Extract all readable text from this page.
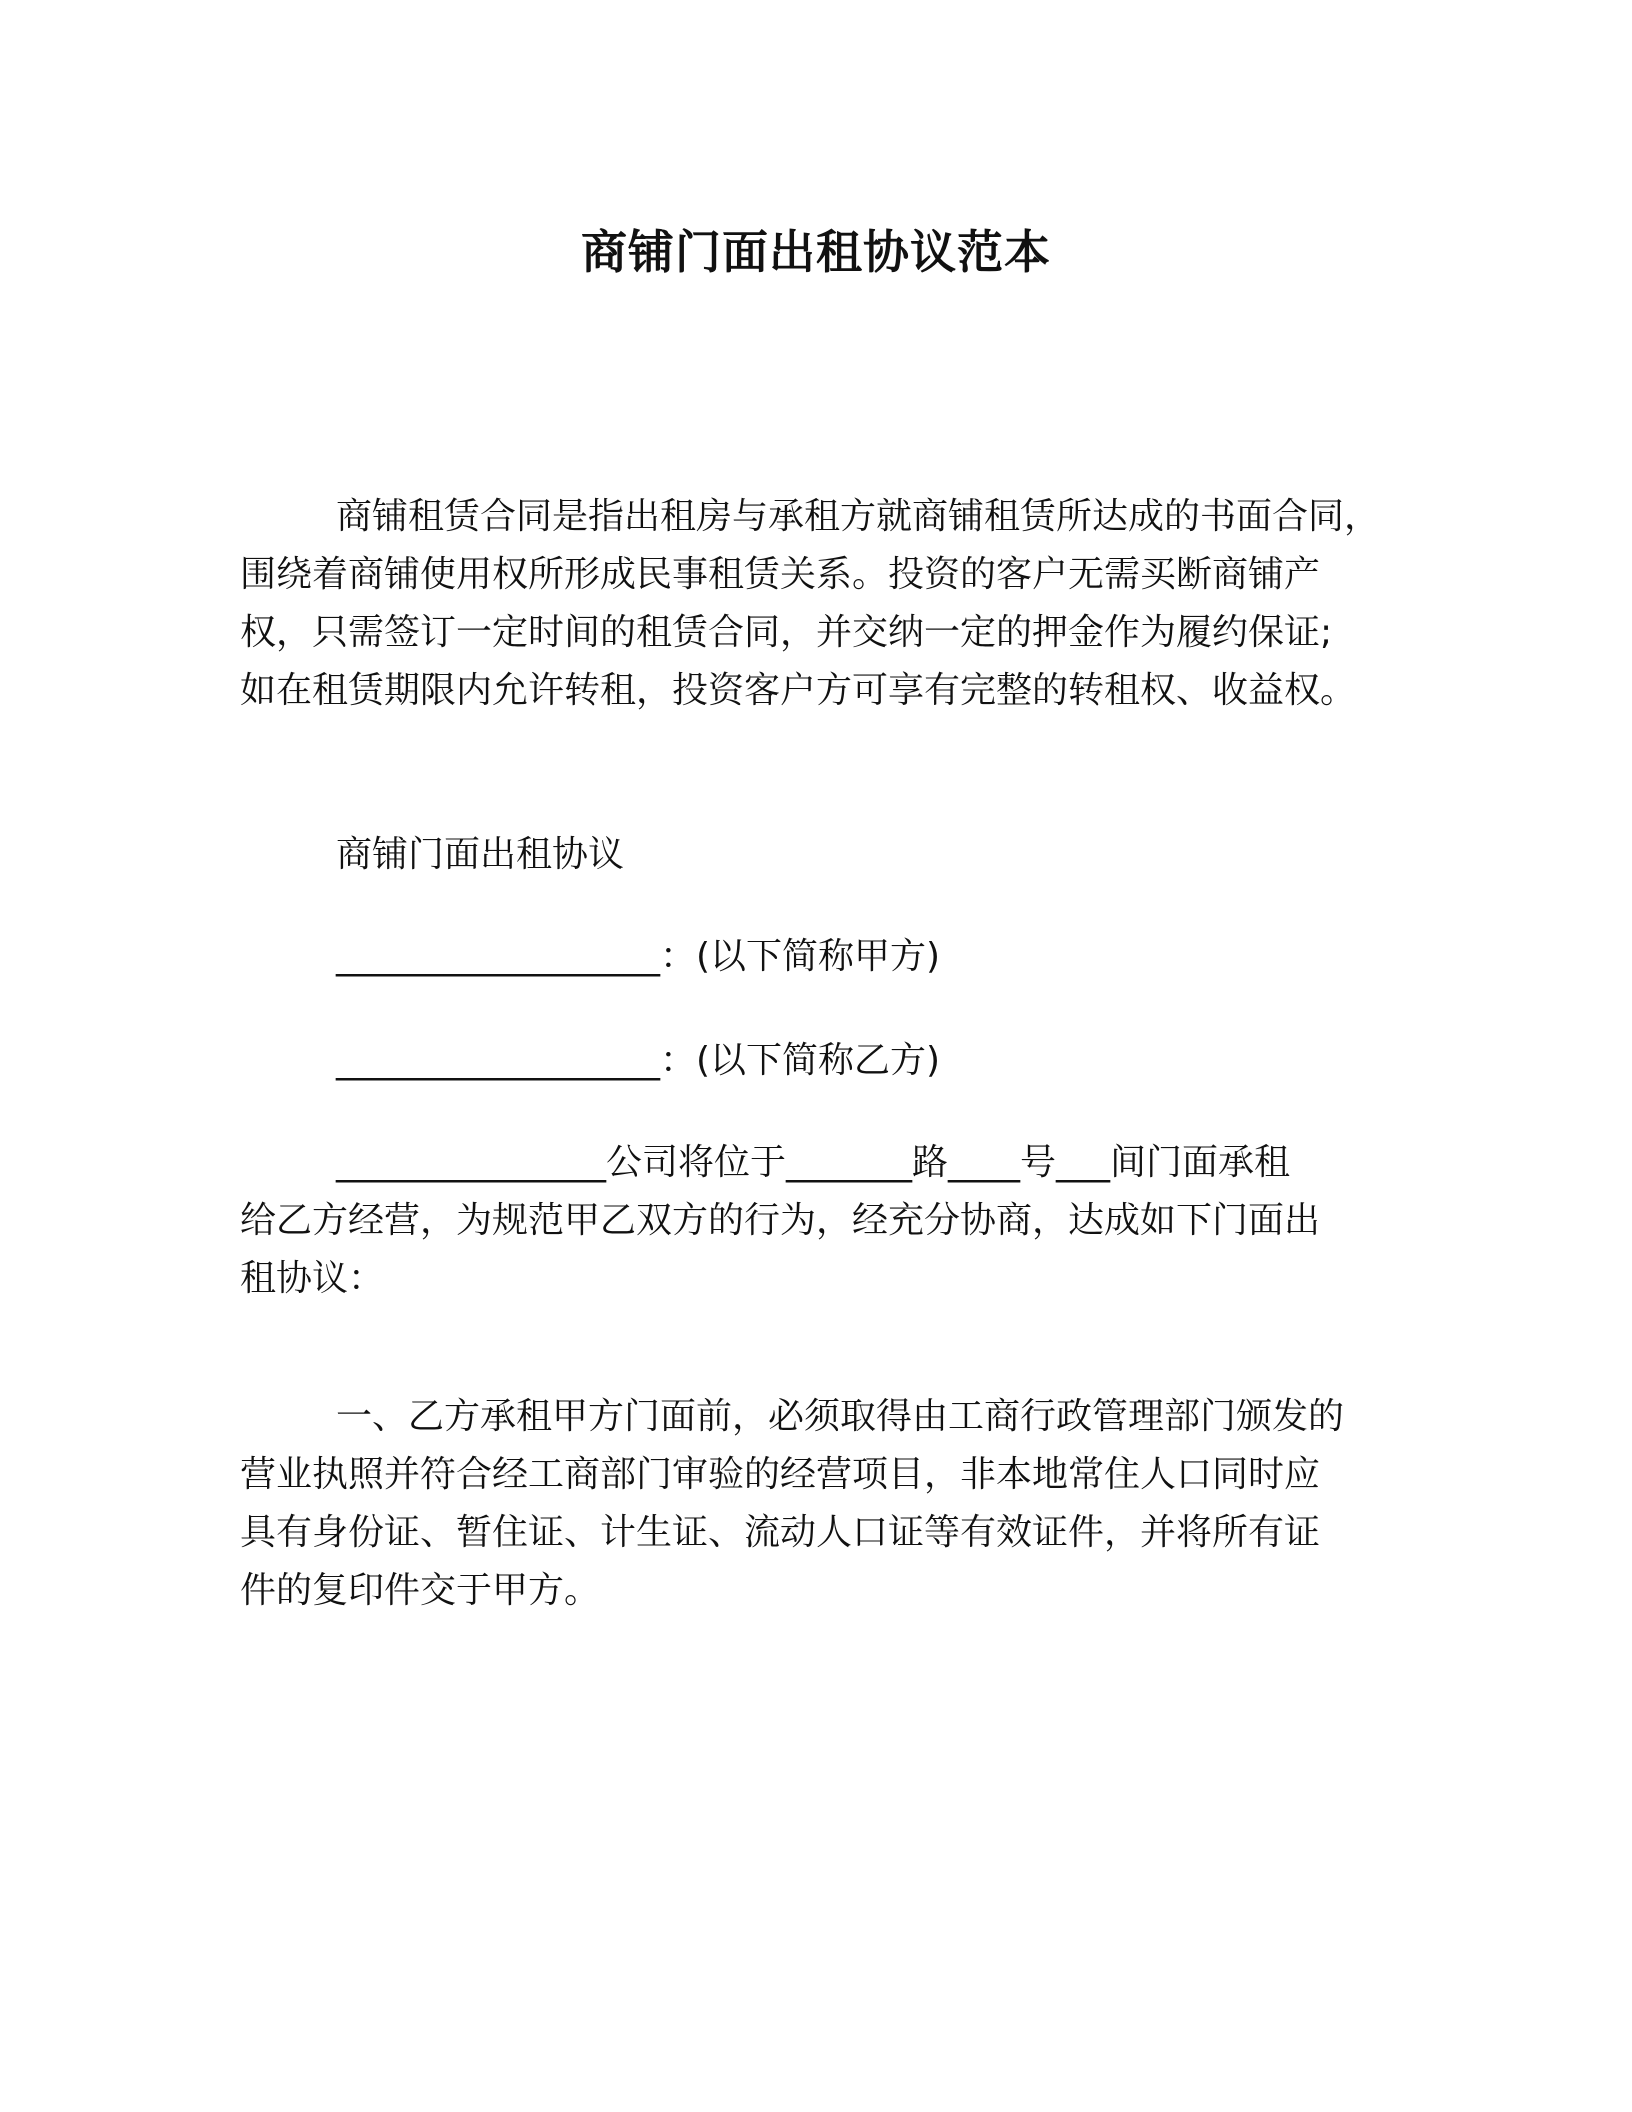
商铺门面出租协议范本
商铺租赁合同是指出租房与承租方就商铺租赁所达成的书面合同，
围绕着商铺使用权所形成民事租赁关系。投资的客户无需买断商铺产
权，只需签订一定时间的租赁合同，并交纳一定的押金作为履约保证;
如在租赁期限内允许转租，投资客户方可享有完整的转租权、收益权。

商铺门面出租协议

__________________：(以下简称甲方)

__________________：(以下简称乙方)

_______________公司将位于_______路____号___间门面承租
给乙方经营，为规范甲乙双方的行为，经充分协商，达成如下门面出
租协议：
一、乙方承租甲方门面前，必须取得由工商行政管理部门颁发的
营业执照并符合经工商部门审验的经营项目，非本地常住人口同时应
具有身份证、暂住证、计生证、流动人口证等有效证件，并将所有证
件的复印件交于甲方。
